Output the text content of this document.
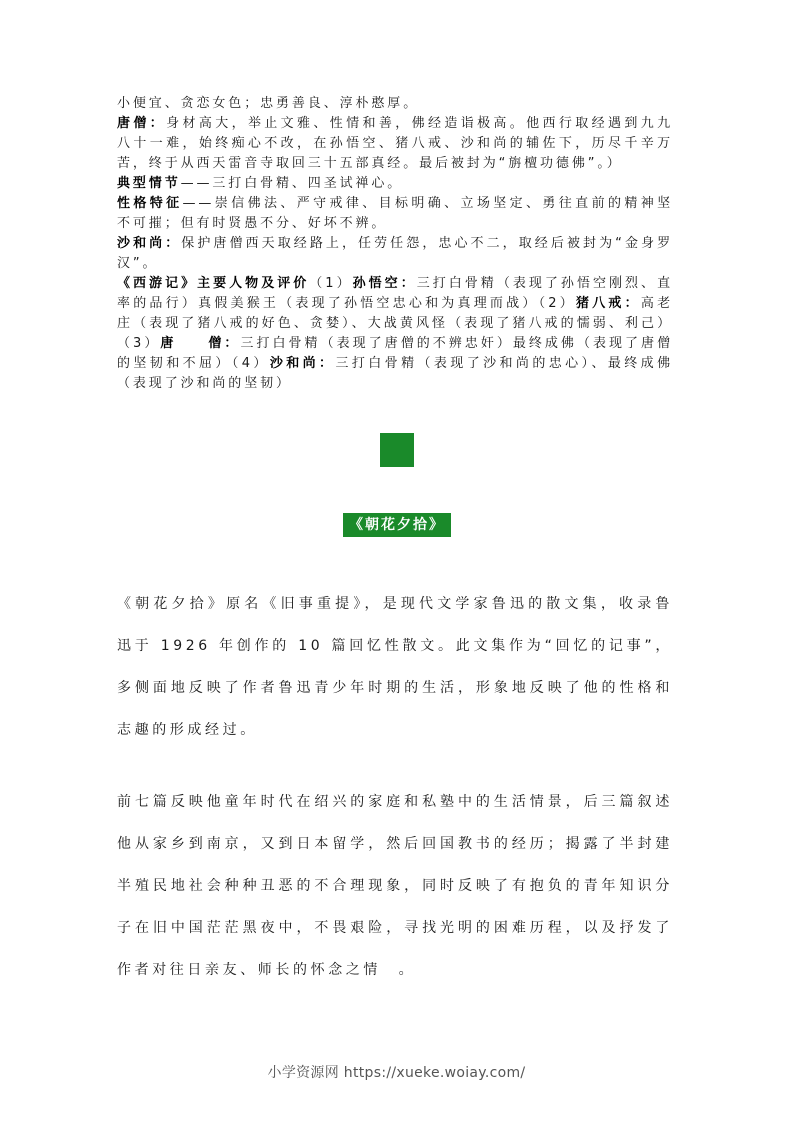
小便宜、贪恋女色；忠勇善良、淳朴憨厚。

唐僧：身材高大，举止文雅、性情和善，佛经造诣极高。他西行取经遇到九九八十一难，始终痴心不改，在孙悟空、猪八戒、沙和尚的辅佐下，历尽千辛万苦，终于从西天雷音寺取回三十五部真经。最后被封为“旃檀功德佛”。）

典型情节——三打白骨精、四圣试禅心。

性格特征——崇信佛法、严守戒律、目标明确、立场坚定、勇往直前的精神坚不可摧；但有时贤愚不分、好坏不辨。

沙和尚：保护唐僧西天取经路上，任劳任怨，忠心不二，取经后被封为“金身罗汉”。

《西游记》主要人物及评价（1）孙悟空：三打白骨精（表现了孙悟空刚烈、直率的品行）真假美猴王（表现了孙悟空忠心和为真理而战）（2）猪八戒：高老庄（表现了猪八戒的好色、贪婪）、大战黄风怪（表现了猪八戒的懦弱、利己）（3）唐　　僧：三打白骨精（表现了唐僧的不辨忠奸）最终成佛（表现了唐僧的坚韧和不屈）（4）沙和尚：三打白骨精（表现了沙和尚的忠心）、最终成佛（表现了沙和尚的坚韧）

《朝花夕拾》

《朝花夕拾》原名《旧事重提》，是现代文学家鲁迅的散文集，收录鲁迅于 1926 年创作的 10 篇回忆性散文。此文集作为“回忆的记事”，多侧面地反映了作者鲁迅青少年时期的生活，形象地反映了他的性格和志趣的形成经过。

前七篇反映他童年时代在绍兴的家庭和私塾中的生活情景，后三篇叙述他从家乡到南京，又到日本留学，然后回国教书的经历；揭露了半封建半殖民地社会种种丑恶的不合理现象，同时反映了有抱负的青年知识分子在旧中国茫茫黑夜中，不畏艰险，寻找光明的困难历程，以及抒发了作者对往日亲友、师长的怀念之情　。

小学资源网 https://xueke.woiay.com/
